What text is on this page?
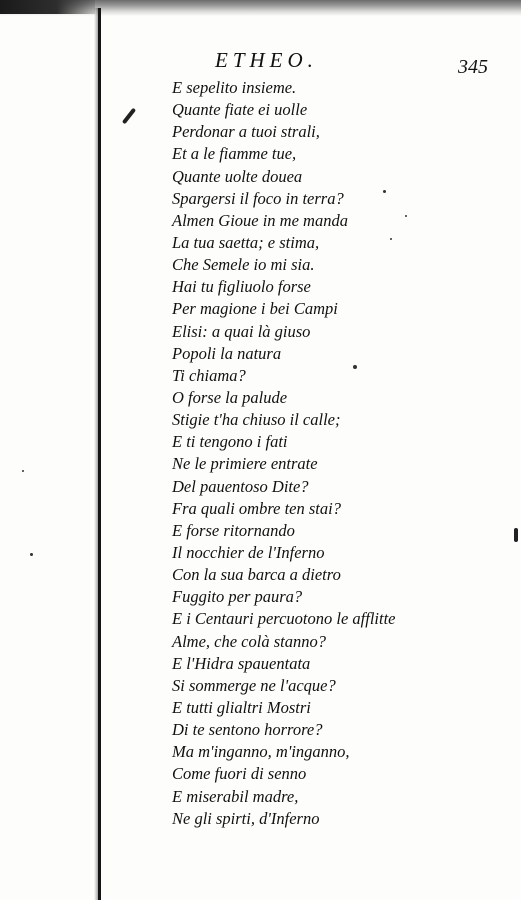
ETHEO.	345
E sepelito insieme.
Quante fiate ei uolle
Perdonar a tuoi strali,
Et a le fiamme tue,
Quante uolte douea
Spargersi il foco in terra?
Almen Gioue in me manda
La tua saetta; e stima,
Che Semele io mi sia.
Hai tu figliuolo forse
Per magione i bei Campi
Elisi: a quai là giuso
Popoli la natura
Ti chiama?
O forse la palude
Stigie t'ha chiuso il calle;
E ti tengono i fati
Ne le primiere entrate
Del pauentoso Dite?
Fra quali ombre ten stai?
E forse ritornando
Il nocchier de l'Inferno
Con la sua barca a dietro
Fuggito per paura?
E i Centauri percuotono le afflitte
Alme, che colà stanno?
E l'Hidra spauentata
Si sommerge ne l'acque?
E tutti glialtri Mostri
Di te sentono horrore?
Ma m'inganno, m'inganno,
Come fuori di senno
E miserabil madre,
Ne gli spirti, d'Inferno
